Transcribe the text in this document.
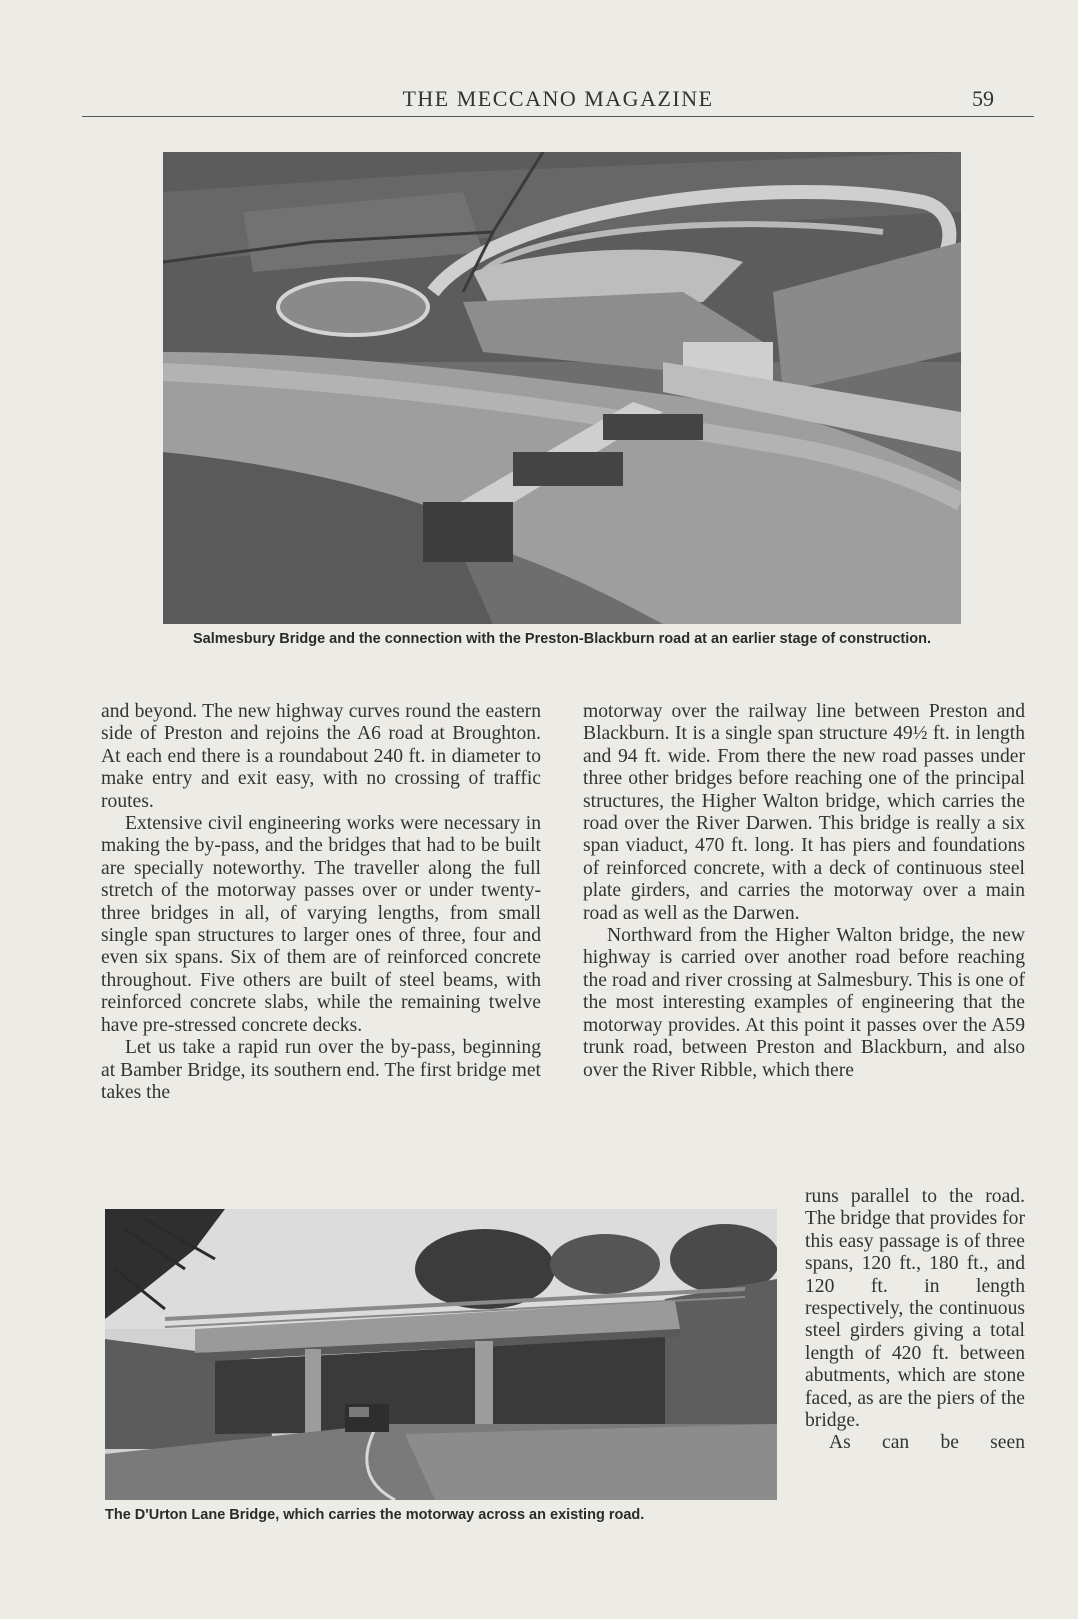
THE MECCANO MAGAZINE	59
Salmesbury Bridge and the connection with the Preston-Blackburn road at an earlier stage of construction.

and beyond. The new highway curves round the eastern side of Preston and rejoins the A6 road at Broughton. At each end there is a roundabout 240 ft. in diameter to make entry and exit easy, with no crossing of traffic routes.

Extensive civil engineering works were necessary in making the by-pass, and the bridges that had to be built are specially noteworthy. The traveller along the full stretch of the motorway passes over or under twenty-three bridges in all, of varying lengths, from small single span structures to larger ones of three, four and even six spans. Six of them are of reinforced concrete throughout. Five others are built of steel beams, with reinforced concrete slabs, while the remaining twelve have pre-stressed concrete decks.

Let us take a rapid run over the by-pass, beginning at Bamber Bridge, its southern end. The first bridge met takes the

motorway over the railway line between Preston and Blackburn. It is a single span structure 49½ ft. in length and 94 ft. wide. From there the new road passes under three other bridges before reaching one of the principal structures, the Higher Walton bridge, which carries the road over the River Darwen. This bridge is really a six span viaduct, 470 ft. long. It has piers and foundations of reinforced concrete, with a deck of continuous steel plate girders, and carries the motorway over a main road as well as the Darwen.

Northward from the Higher Walton bridge, the new highway is carried over another road before reaching the road and river crossing at Salmesbury. This is one of the most interesting examples of engineering that the motorway provides. At this point it passes over the A59 trunk road, between Preston and Blackburn, and also over the River Ribble, which there

The D'Urton Lane Bridge, which carries the motorway across an existing road.

runs parallel to the road. The bridge that provides for this easy passage is of three spans, 120 ft., 180 ft., and 120 ft. in length respectively, the continuous steel girders giving a total length of 420 ft. between abutments, which are stone faced, as are the piers of the bridge.

As can be seen
